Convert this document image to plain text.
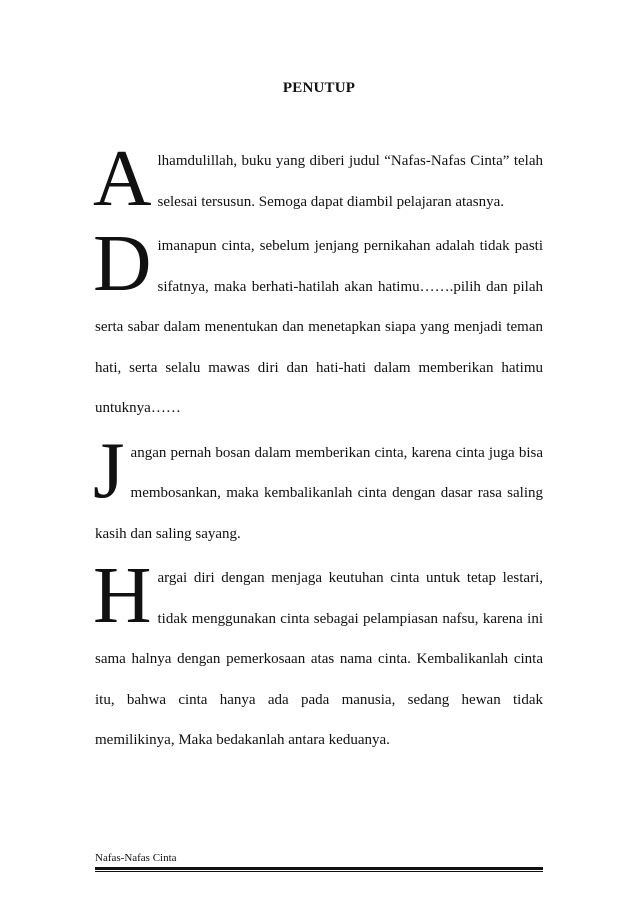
PENUTUP

Alhamdulillah, buku yang diberi judul “Nafas-Nafas Cinta” telah selesai tersusun. Semoga dapat diambil pelajaran atasnya.

Dimanapun cinta, sebelum jenjang pernikahan adalah tidak pasti sifatnya, maka berhati-hatilah akan hatimu…….pilih dan pilah serta sabar dalam menentukan dan menetapkan siapa yang menjadi teman hati, serta selalu mawas diri dan hati-hati dalam memberikan hatimu untuknya……

Jangan pernah bosan dalam memberikan cinta, karena cinta juga bisa membosankan, maka kembalikanlah cinta dengan dasar rasa saling kasih dan saling sayang.

Hargai diri dengan menjaga keutuhan cinta untuk tetap lestari, tidak menggunakan cinta sebagai pelampiasan nafsu, karena ini sama halnya dengan pemerkosaan atas nama cinta. Kembalikanlah cinta itu, bahwa cinta hanya ada pada manusia, sedang hewan tidak memilikinya, Maka bedakanlah antara keduanya.

Nafas-Nafas Cinta
